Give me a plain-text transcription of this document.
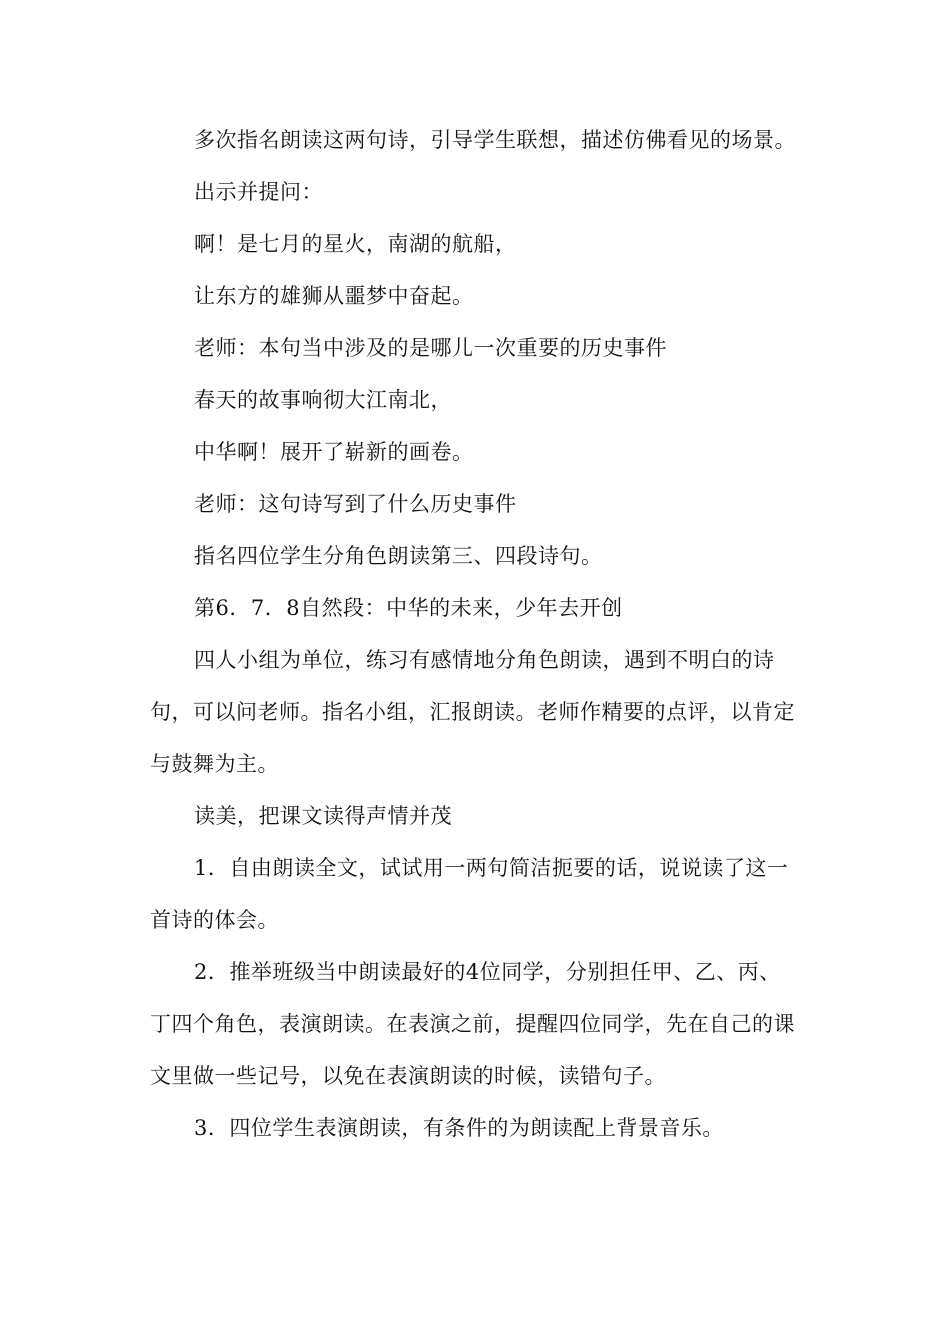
多次指名朗读这两句诗，引导学生联想，描述仿佛看见的场景。

出示并提问：

啊！是七月的星火，南湖的航船，

让东方的雄狮从噩梦中奋起。

老师：本句当中涉及的是哪儿一次重要的历史事件

春天的故事响彻大江南北，

中华啊！展开了崭新的画卷。

老师：这句诗写到了什么历史事件

指名四位学生分角色朗读第三、四段诗句。

第6．7．8自然段：中华的未来，少年去开创

四人小组为单位，练习有感情地分角色朗读，遇到不明白的诗句，可以问老师。指名小组，汇报朗读。老师作精要的点评，以肯定与鼓舞为主。

读美，把课文读得声情并茂

1．自由朗读全文，试试用一两句简洁扼要的话，说说读了这一首诗的体会。

2．推举班级当中朗读最好的4位同学，分别担任甲、乙、丙、丁四个角色，表演朗读。在表演之前，提醒四位同学，先在自己的课文里做一些记号，以免在表演朗读的时候，读错句子。

3．四位学生表演朗读，有条件的为朗读配上背景音乐。
